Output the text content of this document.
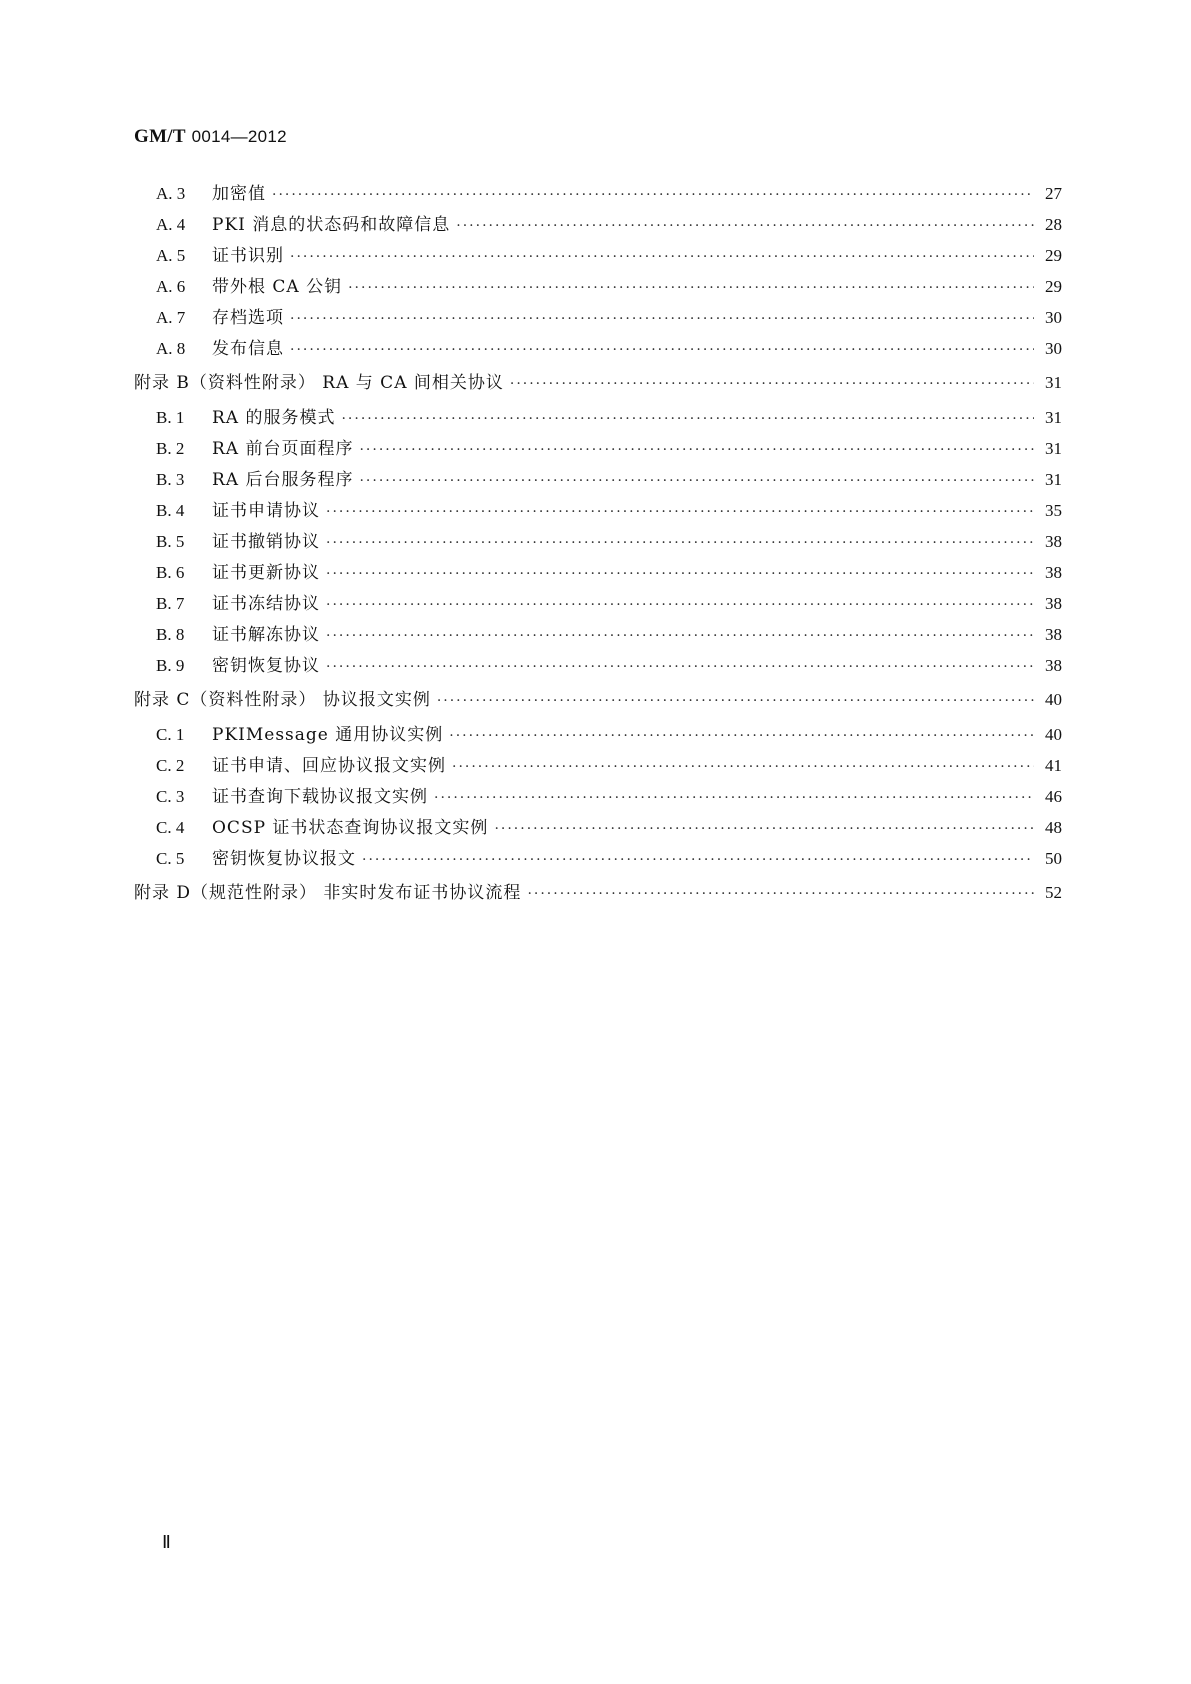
GM/T 0014—2012
A. 3	加密值 ·····	27
A. 4	PKI 消息的状态码和故障信息 ·····	28
A. 5	证书识别 ·····	29
A. 6	带外根 CA 公钥 ·····	29
A. 7	存档选项 ·····	30
A. 8	发布信息 ·····	30
附录 B（资料性附录） RA 与 CA 间相关协议 ·····	31
B. 1	RA 的服务模式 ·····	31
B. 2	RA 前台页面程序 ·····	31
B. 3	RA 后台服务程序 ·····	31
B. 4	证书申请协议 ·····	35
B. 5	证书撤销协议 ·····	38
B. 6	证书更新协议 ·····	38
B. 7	证书冻结协议 ·····	38
B. 8	证书解冻协议 ·····	38
B. 9	密钥恢复协议 ·····	38
附录 C（资料性附录） 协议报文实例 ·····	40
C. 1	PKIMessage 通用协议实例 ·····	40
C. 2	证书申请、回应协议报文实例 ·····	41
C. 3	证书查询下载协议报文实例 ·····	46
C. 4	OCSP 证书状态查询协议报文实例 ·····	48
C. 5	密钥恢复协议报文 ·····	50
附录 D（规范性附录） 非实时发布证书协议流程 ·····	52
Ⅱ
